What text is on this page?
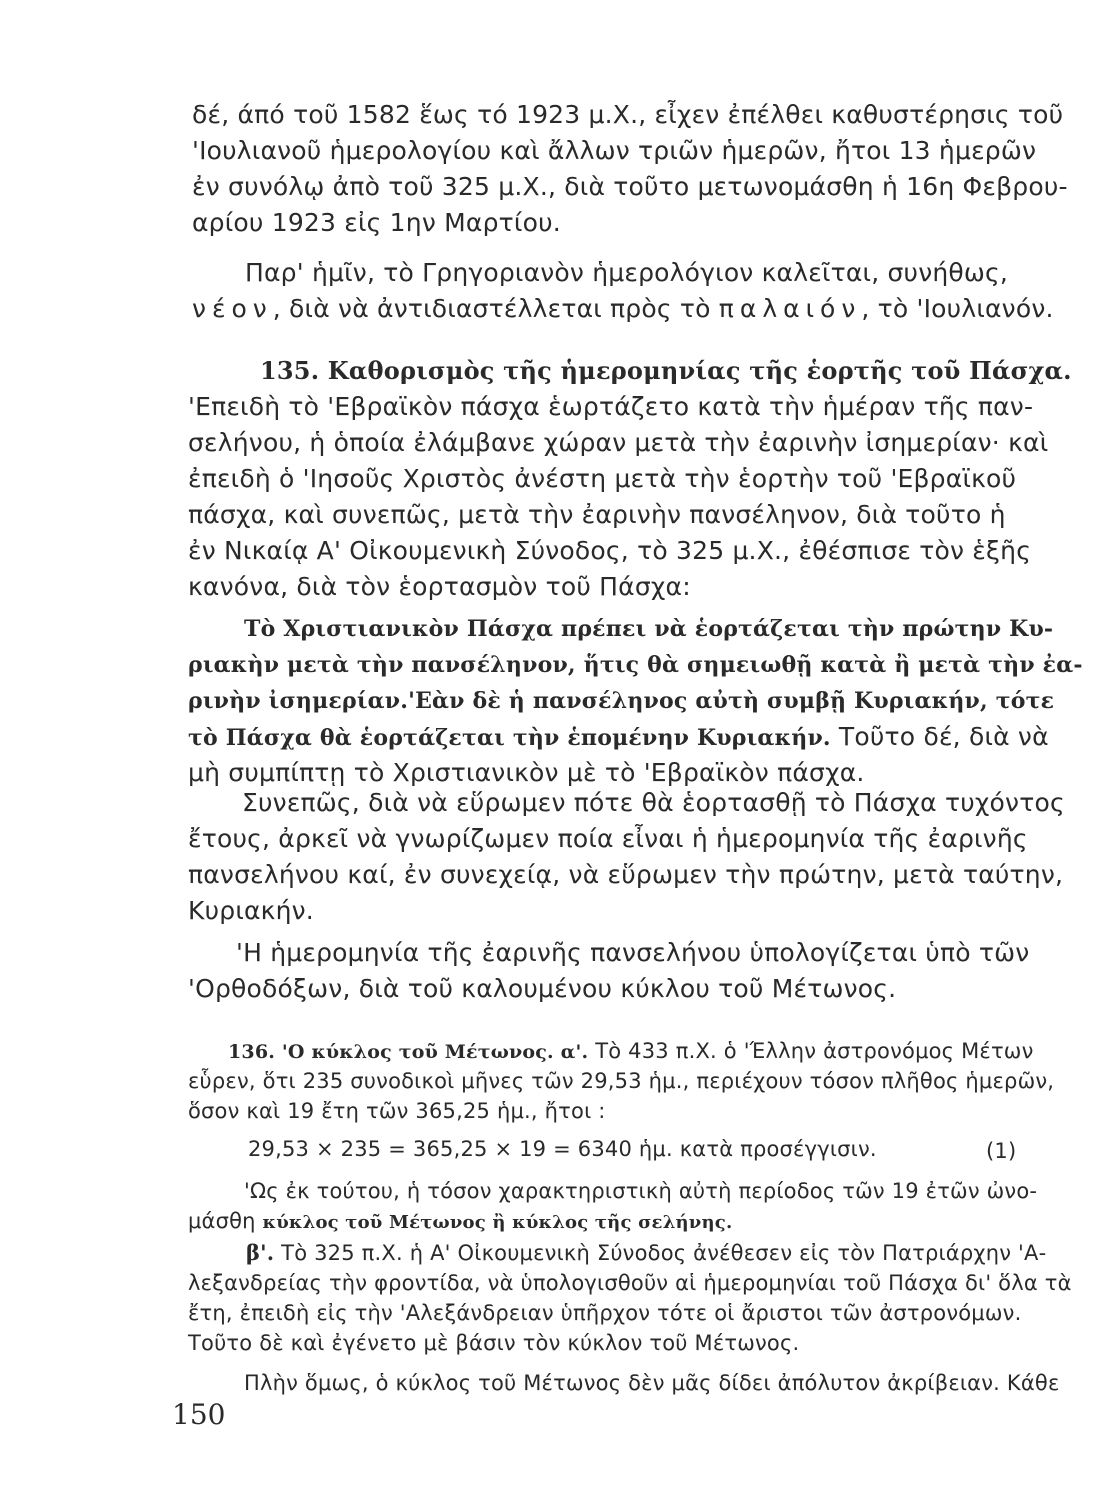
δέ, άπό τοῦ 1582 ἕως τό 1923 μ.Χ., εἶχεν ἐπέλθει καθυστέρησις τοῦ
'Ιουλιανοῦ ἡμερολογίου καὶ ἄλλων τριῶν ἡμερῶν, ἤτοι 13 ἡμερῶν
ἐν συνόλῳ ἀπὸ τοῦ 325 μ.Χ., διὰ τοῦτο μετωνομάσθη ἡ 16η Φεβρου-
αρίου 1923 εἰς 1ην Μαρτίου.
Παρ' ἡμῖν, τὸ Γρηγοριανὸν ἡμερολόγιον καλεῖται, συνήθως,
νέον, διὰ νὰ ἀντιδιαστέλλεται πρὸς τὸ παλαιόν, τὸ 'Ιουλιανόν.
135. Καθορισμὸς τῆς ἡμερομηνίας τῆς ἑορτῆς τοῦ Πάσχα.
'Επειδὴ τὸ 'Εβραϊκὸν πάσχα ἑωρτάζετο κατὰ τὴν ἡμέραν τῆς παν-
σελήνου, ἡ ὁποία ἐλάμβανε χώραν μετὰ τὴν ἐαρινὴν ἰσημερίαν· καὶ
ἐπειδὴ ὁ 'Ιησοῦς Χριστὸς ἀνέστη μετὰ τὴν ἑορτὴν τοῦ 'Εβραϊκοῦ
πάσχα, καὶ συνεπῶς, μετὰ τὴν ἐαρινὴν πανσέληνον, διὰ τοῦτο ἡ
ἐν Νικαίᾳ Α' Οἰκουμενικὴ Σύνοδος, τὸ 325 μ.Χ., ἐθέσπισε τὸν ἑξῆς
κανόνα, διὰ τὸν ἑορτασμὸν τοῦ Πάσχα:
Τὸ Χριστιανικὸν Πάσχα πρέπει νὰ ἑορτάζεται τὴν πρώτην Κυ-
ριακὴν μετὰ τὴν πανσέληνον, ἥτις θὰ σημειωθῇ κατὰ ἢ μετὰ τὴν ἐα-
ρινὴν ἰσημερίαν.'Εὰν δὲ ἡ πανσέληνος αὐτὴ συμβῇ Κυριακήν, τότε
τὸ Πάσχα θὰ ἑορτάζεται τὴν ἑπομένην Κυριακήν. Τοῦτο δέ, διὰ νὰ
μὴ συμπίπτῃ τὸ Χριστιανικὸν μὲ τὸ 'Εβραϊκὸν πάσχα.
Συνεπῶς, διὰ νὰ εὕρωμεν πότε θὰ ἑορτασθῇ τὸ Πάσχα τυχόντος
ἔτους, ἀρκεῖ νὰ γνωρίζωμεν ποία εἶναι ἡ ἡμερομηνία τῆς ἐαρινῆς
πανσελήνου καί, ἐν συνεχείᾳ, νὰ εὕρωμεν τὴν πρώτην, μετὰ ταύτην,
Κυριακήν.
'Η ἡμερομηνία τῆς ἐαρινῆς πανσελήνου ὑπολογίζεται ὑπὸ τῶν
'Ορθοδόξων, διὰ τοῦ καλουμένου κύκλου τοῦ Μέτωνος.
136. 'Ο κύκλος τοῦ Μέτωνος. α'. Τὸ 433 π.Χ. ὁ 'Έλλην ἀστρονόμος Μέτων
εὗρεν, ὅτι 235 συνοδικοὶ μῆνες τῶν 29,53 ἡμ., περιέχουν τόσον πλῆθος ἡμερῶν,
ὅσον καὶ 19 ἔτη τῶν 365,25 ἡμ., ἤτοι :
29,53 × 235 = 365,25 × 19 = 6340 ἡμ. κατὰ προσέγγισιν.	(1)
'Ως ἐκ τούτου, ἡ τόσον χαρακτηριστικὴ αὐτὴ περίοδος τῶν 19 ἐτῶν ὠνο-
μάσθη κύκλος τοῦ Μέτωνος ἢ κύκλος τῆς σελήνης.
β'. Τὸ 325 π.Χ. ἡ Α' Οἰκουμενικὴ Σύνοδος ἀνέθεσεν εἰς τὸν Πατριάρχην 'Α-
λεξανδρείας τὴν φροντίδα, νὰ ὑπολογισθοῦν αἱ ἡμερομηνίαι τοῦ Πάσχα δι' ὅλα τὰ
ἔτη, ἐπειδὴ εἰς τὴν 'Αλεξάνδρειαν ὑπῆρχον τότε οἱ ἄριστοι τῶν ἀστρονόμων.
Τοῦτο δὲ καὶ ἐγένετο μὲ βάσιν τὸν κύκλον τοῦ Μέτωνος.
Πλὴν ὅμως, ὁ κύκλος τοῦ Μέτωνος δὲν μᾶς δίδει ἀπόλυτον ἀκρίβειαν. Κάθε
150
